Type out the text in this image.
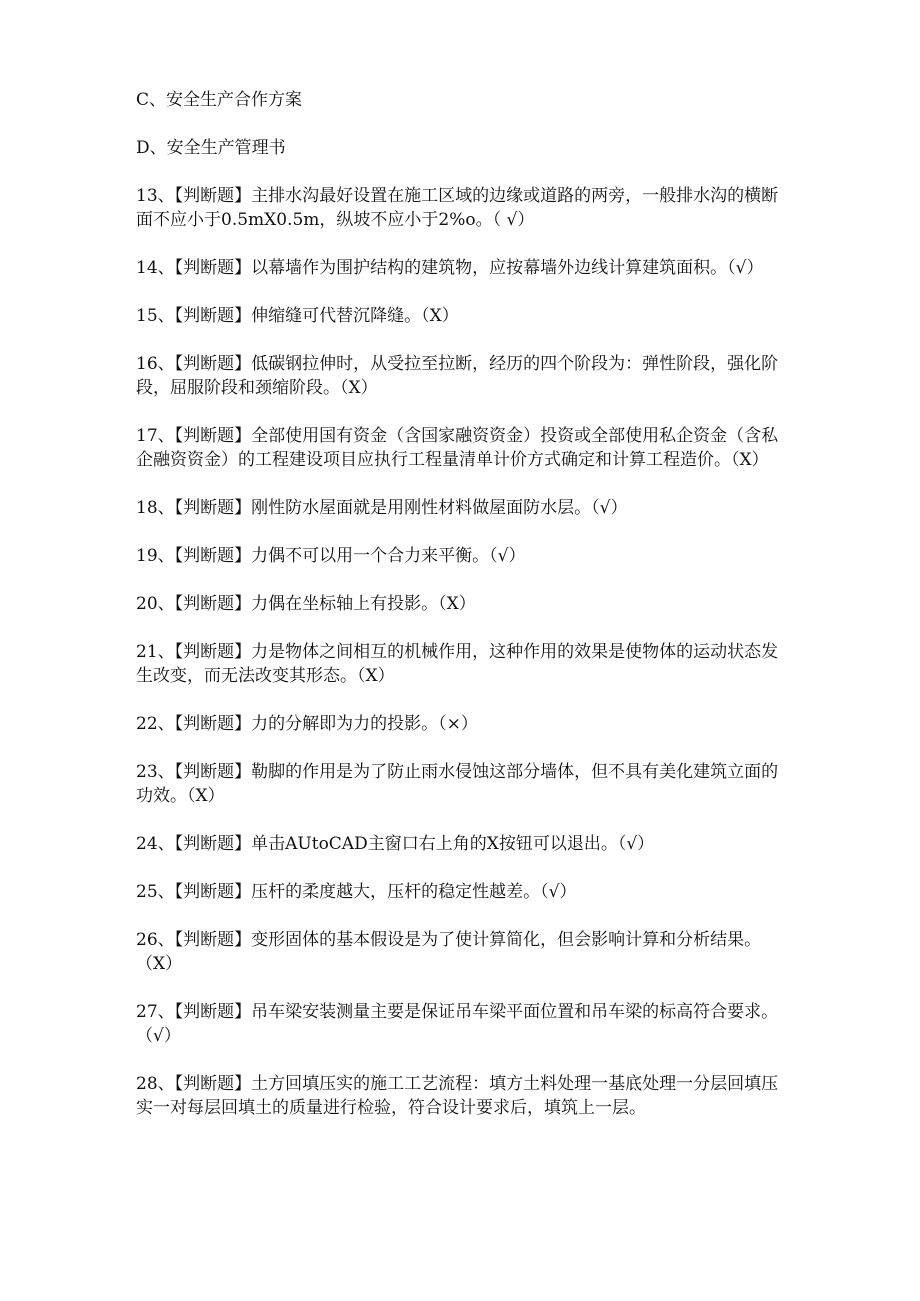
C、安全生产合作方案

D、安全生产管理书

13、【判断题】主排水沟最好设置在施工区域的边缘或道路的两旁，一般排水沟的横断面不应小于0.5mX0.5m，纵坡不应小于2%o。（ √）

14、【判断题】以幕墙作为围护结构的建筑物，应按幕墙外边线计算建筑面积。（√）

15、【判断题】伸缩缝可代替沉降缝。（X）

16、【判断题】低碳钢拉伸时，从受拉至拉断，经历的四个阶段为：弹性阶段，强化阶段，屈服阶段和颈缩阶段。（X）

17、【判断题】全部使用国有资金（含国家融资资金）投资或全部使用私企资金（含私企融资资金）的工程建设项目应执行工程量清单计价方式确定和计算工程造价。（X）

18、【判断题】刚性防水屋面就是用刚性材料做屋面防水层。（√）

19、【判断题】力偶不可以用一个合力来平衡。（√）

20、【判断题】力偶在坐标轴上有投影。（X）

21、【判断题】力是物体之间相互的机械作用，这种作用的效果是使物体的运动状态发生改变，而无法改变其形态。（X）

22、【判断题】力的分解即为力的投影。（×）

23、【判断题】勒脚的作用是为了防止雨水侵蚀这部分墙体，但不具有美化建筑立面的功效。（X）

24、【判断题】单击AUtoCAD主窗口右上角的X按钮可以退出。（√）

25、【判断题】压杆的柔度越大，压杆的稳定性越差。（√）

26、【判断题】变形固体的基本假设是为了使计算简化，但会影响计算和分析结果。（X）

27、【判断题】吊车梁安装测量主要是保证吊车梁平面位置和吊车梁的标高符合要求。（√）

28、【判断题】土方回填压实的施工工艺流程：填方土料处理一基底处理一分层回填压实一对每层回填土的质量进行检验，符合设计要求后，填筑上一层。
